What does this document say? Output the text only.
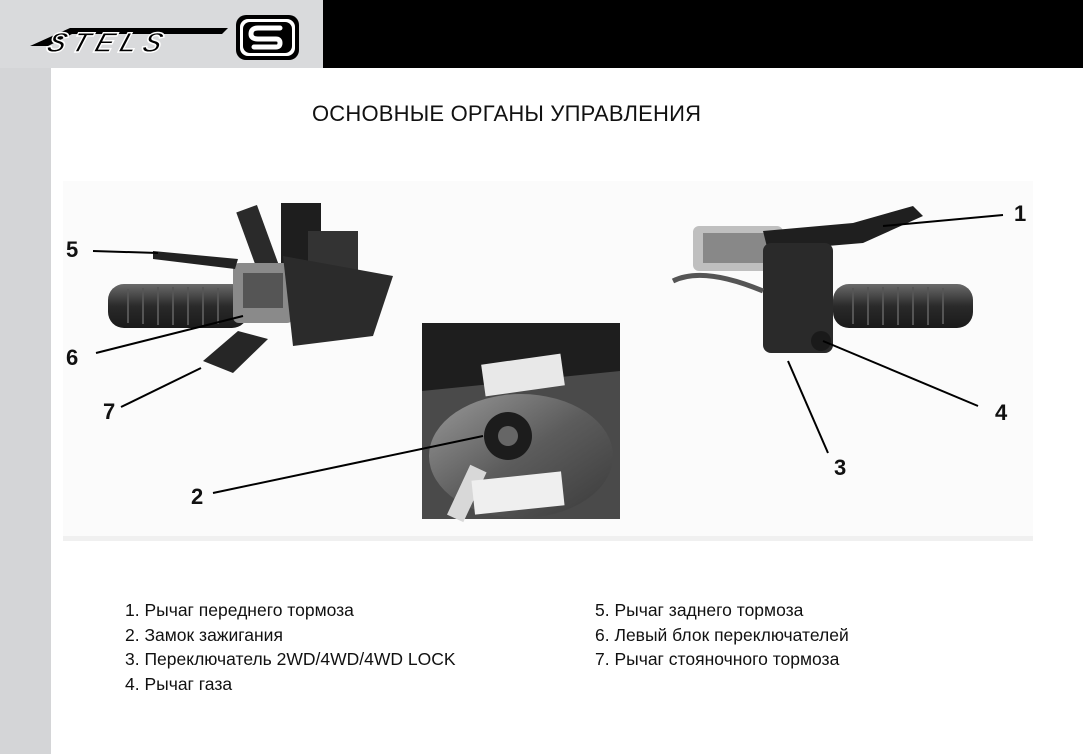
STELS
ОСНОВНЫЕ ОРГАНЫ УПРАВЛЕНИЯ
5
6
7
2
3
4
1
1. Рычаг переднего тормоза
2. Замок зажигания
3. Переключатель 2WD/4WD/4WD LOCK
4. Рычаг газа
5. Рычаг заднего тормоза
6. Левый блок переключателей
7. Рычаг стояночного тормоза
